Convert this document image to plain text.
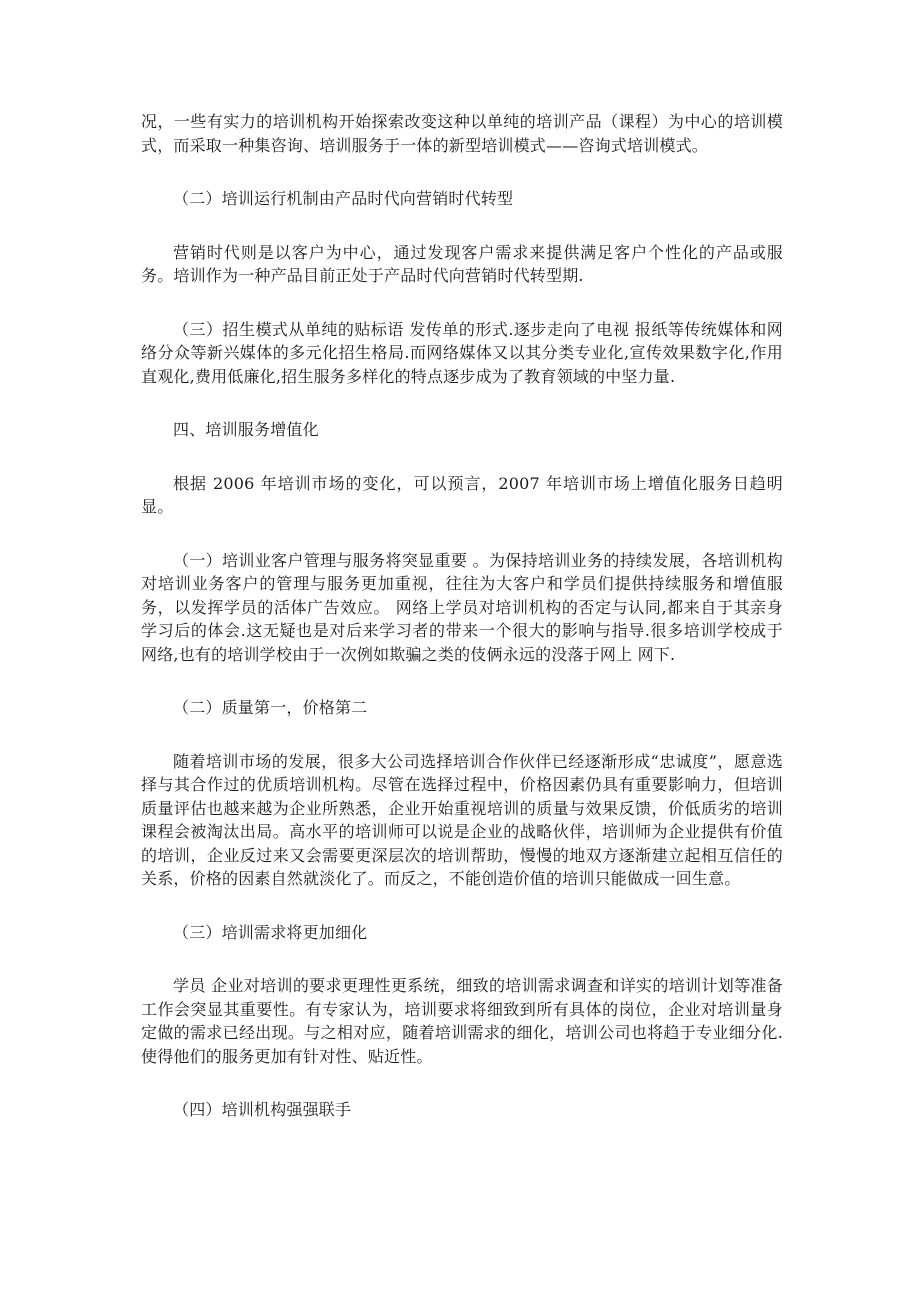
况，一些有实力的培训机构开始探索改变这种以单纯的培训产品（课程）为中心的培训模式，而采取一种集咨询、培训服务于一体的新型培训模式——咨询式培训模式。

（二）培训运行机制由产品时代向营销时代转型

营销时代则是以客户为中心，通过发现客户需求来提供满足客户个性化的产品或服务。培训作为一种产品目前正处于产品时代向营销时代转型期.

（三）招生模式从单纯的贴标语 发传单的形式.逐步走向了电视 报纸等传统媒体和网络分众等新兴媒体的多元化招生格局.而网络媒体又以其分类专业化,宣传效果数字化,作用直观化,费用低廉化,招生服务多样化的特点逐步成为了教育领域的中坚力量.

四、培训服务增值化

根据 2006 年培训市场的变化，可以预言，2007 年培训市场上增值化服务日趋明显。

（一）培训业客户管理与服务将突显重要 。为保持培训业务的持续发展，各培训机构对培训业务客户的管理与服务更加重视，往往为大客户和学员们提供持续服务和增值服务，以发挥学员的活体广告效应。 网络上学员对培训机构的否定与认同,都来自于其亲身学习后的体会.这无疑也是对后来学习者的带来一个很大的影响与指导.很多培训学校成于网络,也有的培训学校由于一次例如欺骗之类的伎俩永远的没落于网上 网下.

（二）质量第一，价格第二

随着培训市场的发展，很多大公司选择培训合作伙伴已经逐渐形成“忠诚度”，愿意选择与其合作过的优质培训机构。尽管在选择过程中，价格因素仍具有重要影响力，但培训质量评估也越来越为企业所熟悉，企业开始重视培训的质量与效果反馈，价低质劣的培训课程会被淘汰出局。高水平的培训师可以说是企业的战略伙伴，培训师为企业提供有价值的培训，企业反过来又会需要更深层次的培训帮助，慢慢的地双方逐渐建立起相互信任的关系，价格的因素自然就淡化了。而反之，不能创造价值的培训只能做成一回生意。

（三）培训需求将更加细化

学员 企业对培训的要求更理性更系统，细致的培训需求调查和详实的培训计划等准备工作会突显其重要性。有专家认为，培训要求将细致到所有具体的岗位，企业对培训量身定做的需求已经出现。与之相对应，随着培训需求的细化，培训公司也将趋于专业细分化.使得他们的服务更加有针对性、贴近性。

（四）培训机构强强联手
